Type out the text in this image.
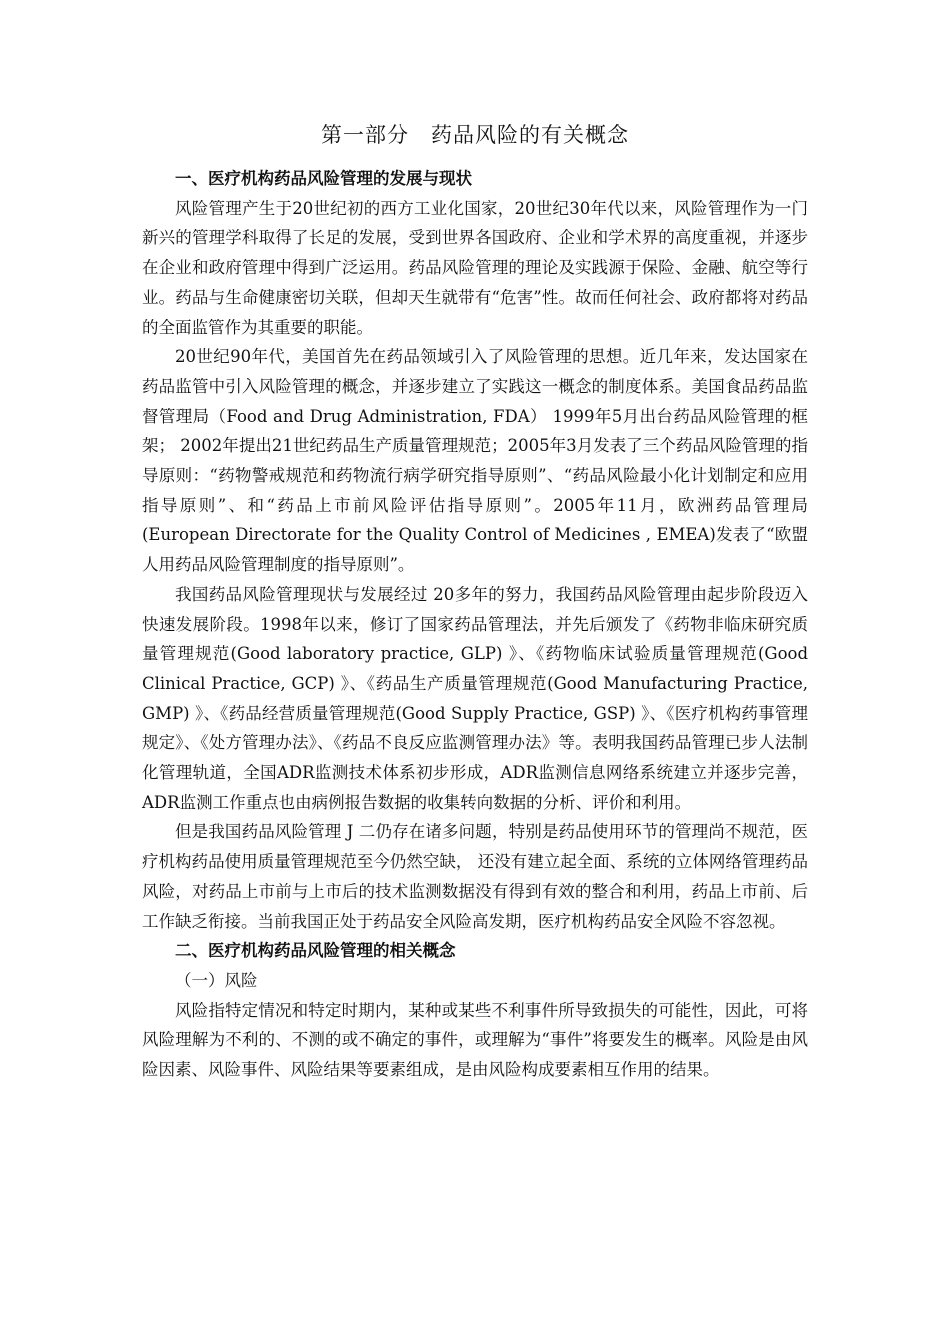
第一部分　药品风险的有关概念

一、医疗机构药品风险管理的发展与现状

风险管理产生于20世纪初的西方工业化国家，20世纪30年代以来，风险管理作为一门新兴的管理学科取得了长足的发展，受到世界各国政府、企业和学术界的高度重视，并逐步在企业和政府管理中得到广泛运用。药品风险管理的理论及实践源于保险、金融、航空等行业。药品与生命健康密切关联，但却天生就带有“危害”性。故而任何社会、政府都将对药品的全面监管作为其重要的职能。

20世纪90年代，美国首先在药品领域引入了风险管理的思想。近几年来，发达国家在药品监管中引入风险管理的概念，并逐步建立了实践这一概念的制度体系。美国食品药品监督管理局（Food and Drug Administration, FDA） 1999年5月出台药品风险管理的框架； 2002年提出21世纪药品生产质量管理规范；2005年3月发表了三个药品风险管理的指导原则：“药物警戒规范和药物流行病学研究指导原则”、“药品风险最小化计划制定和应用指导原则”、和“药品上市前风险评估指导原则”。2005年11月，欧洲药品管理局(European Directorate for the Quality Control of Medicines , EMEA)发表了“欧盟人用药品风险管理制度的指导原则”。

我国药品风险管理现状与发展经过 20多年的努力，我国药品风险管理由起步阶段迈入快速发展阶段。1998年以来，修订了国家药品管理法，并先后颁发了《药物非临床研究质量管理规范(Good laboratory practice, GLP) 》、《药物临床试验质量管理规范(Good Clinical Practice, GCP) 》、《药品生产质量管理规范(Good Manufacturing Practice, GMP) 》、《药品经营质量管理规范(Good Supply Practice, GSP) 》、《医疗机构药事管理规定》、《处方管理办法》、《药品不良反应监测管理办法》等。表明我国药品管理已步人法制化管理轨道，全国ADR监测技术体系初步形成，ADR监测信息网络系统建立并逐步完善， ADR监测工作重点也由病例报告数据的收集转向数据的分析、评价和利用。

但是我国药品风险管理 J 二仍存在诸多问题，特别是药品使用环节的管理尚不规范，医疗机构药品使用质量管理规范至今仍然空缺， 还没有建立起全面、系统的立体网络管理药品风险，对药品上市前与上市后的技术监测数据没有得到有效的整合和利用，药品上市前、后工作缺乏衔接。当前我国正处于药品安全风险高发期，医疗机构药品安全风险不容忽视。

二、医疗机构药品风险管理的相关概念

（一）风险

风险指特定情况和特定时期内，某种或某些不利事件所导致损失的可能性，因此，可将风险理解为不利的、不测的或不确定的事件，或理解为“事件”将要发生的概率。风险是由风险因素、风险事件、风险结果等要素组成，是由风险构成要素相互作用的结果。
